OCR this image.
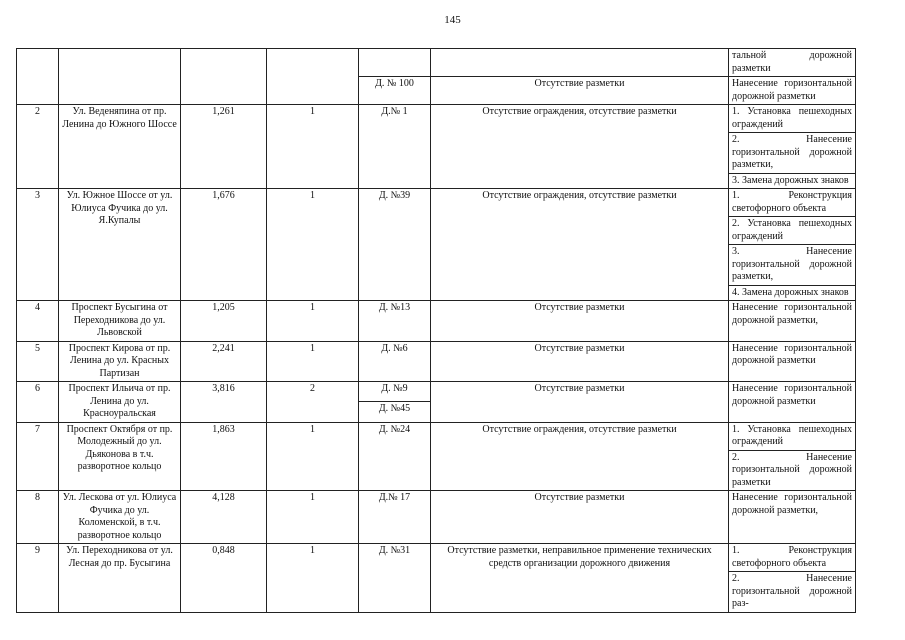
145
						тальной дорожной разметки
				Д. № 100	Отсутствие разметки	Нанесение горизонтальной дорожной разметки
2	Ул. Веденяпина от пр. Ленина до Южного Шоссе	1,261	1	Д.№ 1	Отсутствие ограждения, отсутствие разметки	1. Установка пешеходных ограждений
						2. Нанесение горизонтальной дорожной разметки,
						3. Замена дорожных знаков
3	Ул. Южное Шоссе от ул. Юлиуса Фучика до ул. Я.Купалы	1,676	1	Д. №39	Отсутствие ограждения, отсутствие разметки	1. Реконструкция светофорного объекта
						2. Установка пешеходных ограждений
						3. Нанесение горизонтальной дорожной разметки,
						4. Замена дорожных знаков
4	Проспект Бусыгина от Переходникова до ул. Львовской	1,205	1	Д. №13	Отсутствие разметки	Нанесение горизонтальной дорожной разметки,
5	Проспект Кирова от пр. Ленина до ул. Красных Партизан	2,241	1	Д. №6	Отсутствие разметки	Нанесение горизонтальной дорожной разметки
6	Проспект Ильича от пр. Ленина до ул. Красноуральская	3,816	2	Д. №9	Отсутствие разметки	Нанесение горизонтальной дорожной разметки
				Д. №45		
7	Проспект Октября от пр. Молодежный до ул. Дьяконова в т.ч. разворотное кольцо	1,863	1	Д. №24	Отсутствие ограждения, отсутствие разметки	1. Установка пешеходных ограждений
						2. Нанесение горизонтальной дорожной разметки
8	Ул. Лескова от ул. Юлиуса Фучика до ул. Коломенской, в т.ч. разворотное кольцо	4,128	1	Д.№ 17	Отсутствие разметки	Нанесение горизонтальной дорожной разметки,
9	Ул. Переходникова от ул. Лесная до пр. Бусыгина	0,848	1	Д. №31	Отсутствие разметки, неправильное применение технических средств организации дорожного движения	1. Реконструкция светофорного объекта
						2. Нанесение горизонтальной дорожной раз-
